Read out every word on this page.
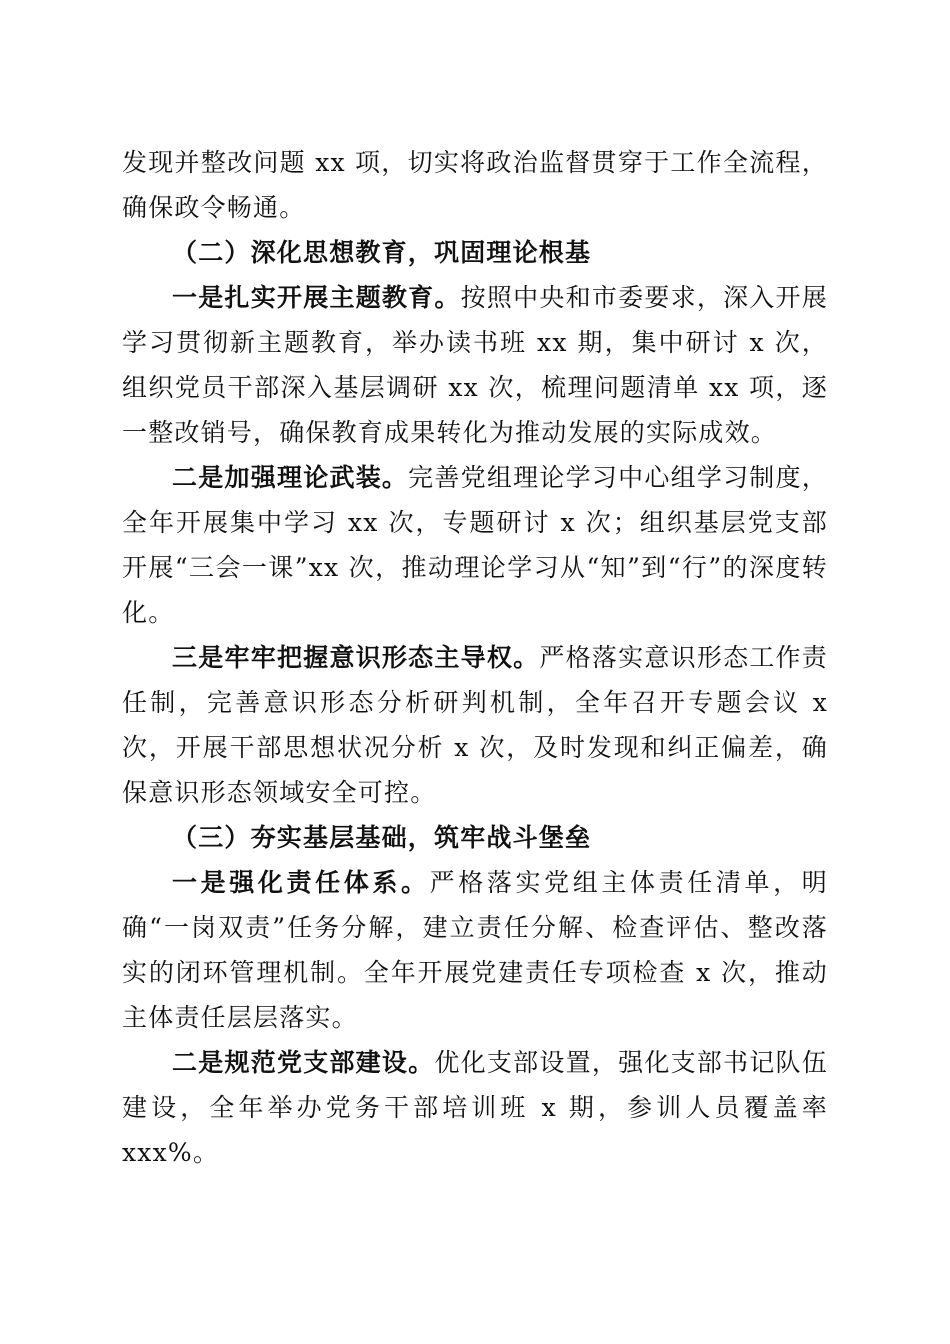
发现并整改问题 xx 项，切实将政治监督贯穿于工作全流程，确保政令畅通。

（二）深化思想教育，巩固理论根基

一是扎实开展主题教育。按照中央和市委要求，深入开展学习贯彻新主题教育，举办读书班 xx 期，集中研讨 x 次，组织党员干部深入基层调研 xx 次，梳理问题清单 xx 项，逐一整改销号，确保教育成果转化为推动发展的实际成效。

二是加强理论武装。完善党组理论学习中心组学习制度，全年开展集中学习 xx 次，专题研讨 x 次；组织基层党支部开展“三会一课”xx 次，推动理论学习从“知”到“行”的深度转化。

三是牢牢把握意识形态主导权。严格落实意识形态工作责任制，完善意识形态分析研判机制，全年召开专题会议 x 次，开展干部思想状况分析 x 次，及时发现和纠正偏差，确保意识形态领域安全可控。

（三）夯实基层基础，筑牢战斗堡垒

一是强化责任体系。严格落实党组主体责任清单，明确“一岗双责”任务分解，建立责任分解、检查评估、整改落实的闭环管理机制。全年开展党建责任专项检查 x 次，推动主体责任层层落实。

二是规范党支部建设。优化支部设置，强化支部书记队伍建设，全年举办党务干部培训班 x 期，参训人员覆盖率 xxx%。
